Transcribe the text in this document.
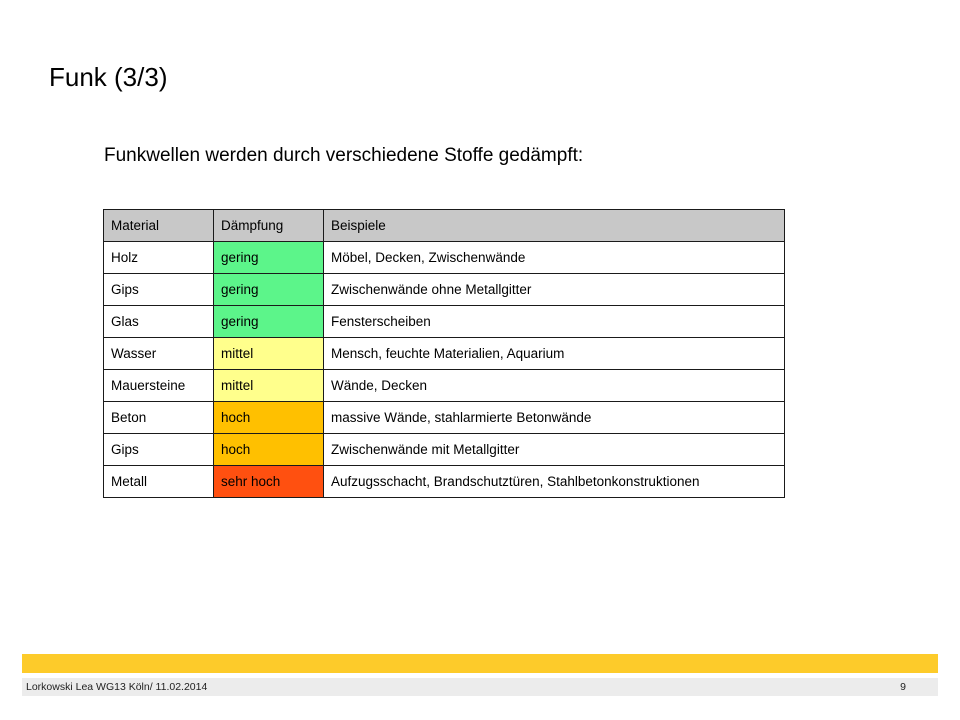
Funk (3/3)

Funkwellen werden durch verschiedene Stoffe gedämpft:

Material	Dämpfung	Beispiele
Holz	gering	Möbel, Decken, Zwischenwände
Gips	gering	Zwischenwände ohne Metallgitter
Glas	gering	Fensterscheiben
Wasser	mittel	Mensch, feuchte Materialien, Aquarium
Mauersteine	mittel	Wände, Decken
Beton	hoch	massive Wände, stahlarmierte Betonwände
Gips	hoch	Zwischenwände mit Metallgitter
Metall	sehr hoch	Aufzugsschacht, Brandschutztüren, Stahlbetonkonstruktionen
Lorkowski Lea WG13 Köln/ 11.02.2014	9
